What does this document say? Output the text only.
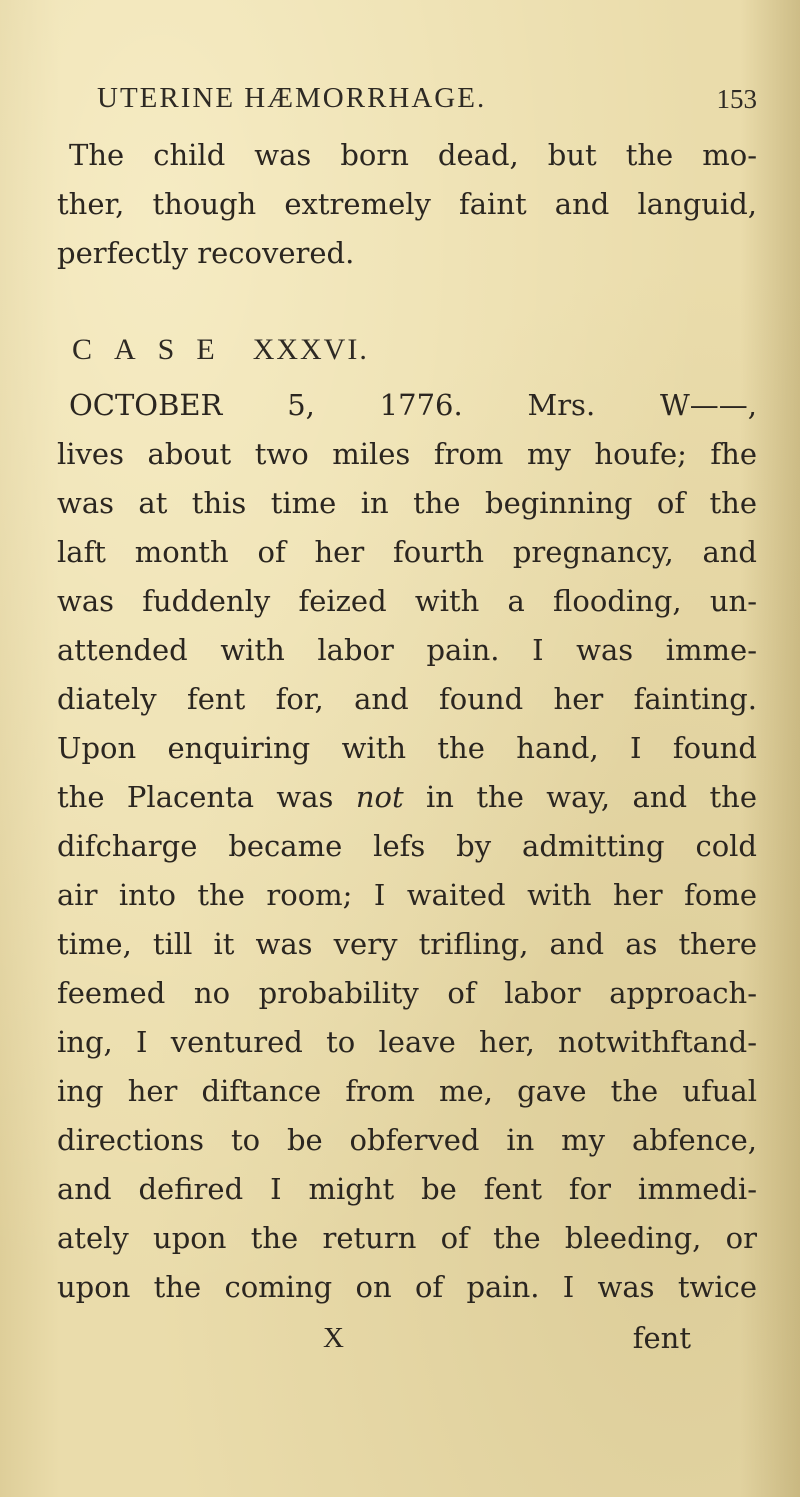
UTERINE HÆMORRHAGE.	153
The child was born dead, but the mo-
ther, though extremely faint and languid,
perfectly recovered.
OCTOBER 5, 1776. Mrs. W——,
lives about two miles from my houfe; fhe
was at this time in the beginning of the
laft month of her fourth pregnancy, and
was fuddenly feized with a flooding, un-
attended with labor pain. I was imme-
diately fent for, and found her fainting.
Upon enquiring with the hand, I found
the Placenta was not in the way, and the
difcharge became lefs by admitting cold
air into the room; I waited with her fome
time, till it was very trifling, and as there
feemed no probability of labor approach-
ing, I ventured to leave her, notwithftand-
ing her diftance from me, gave the ufual
directions to be obferved in my abfence,
and defired I might be fent for immedi-
ately upon the return of the bleeding, or
upon the coming on of pain. I was twice
CASE XXXVI.
X	fent
